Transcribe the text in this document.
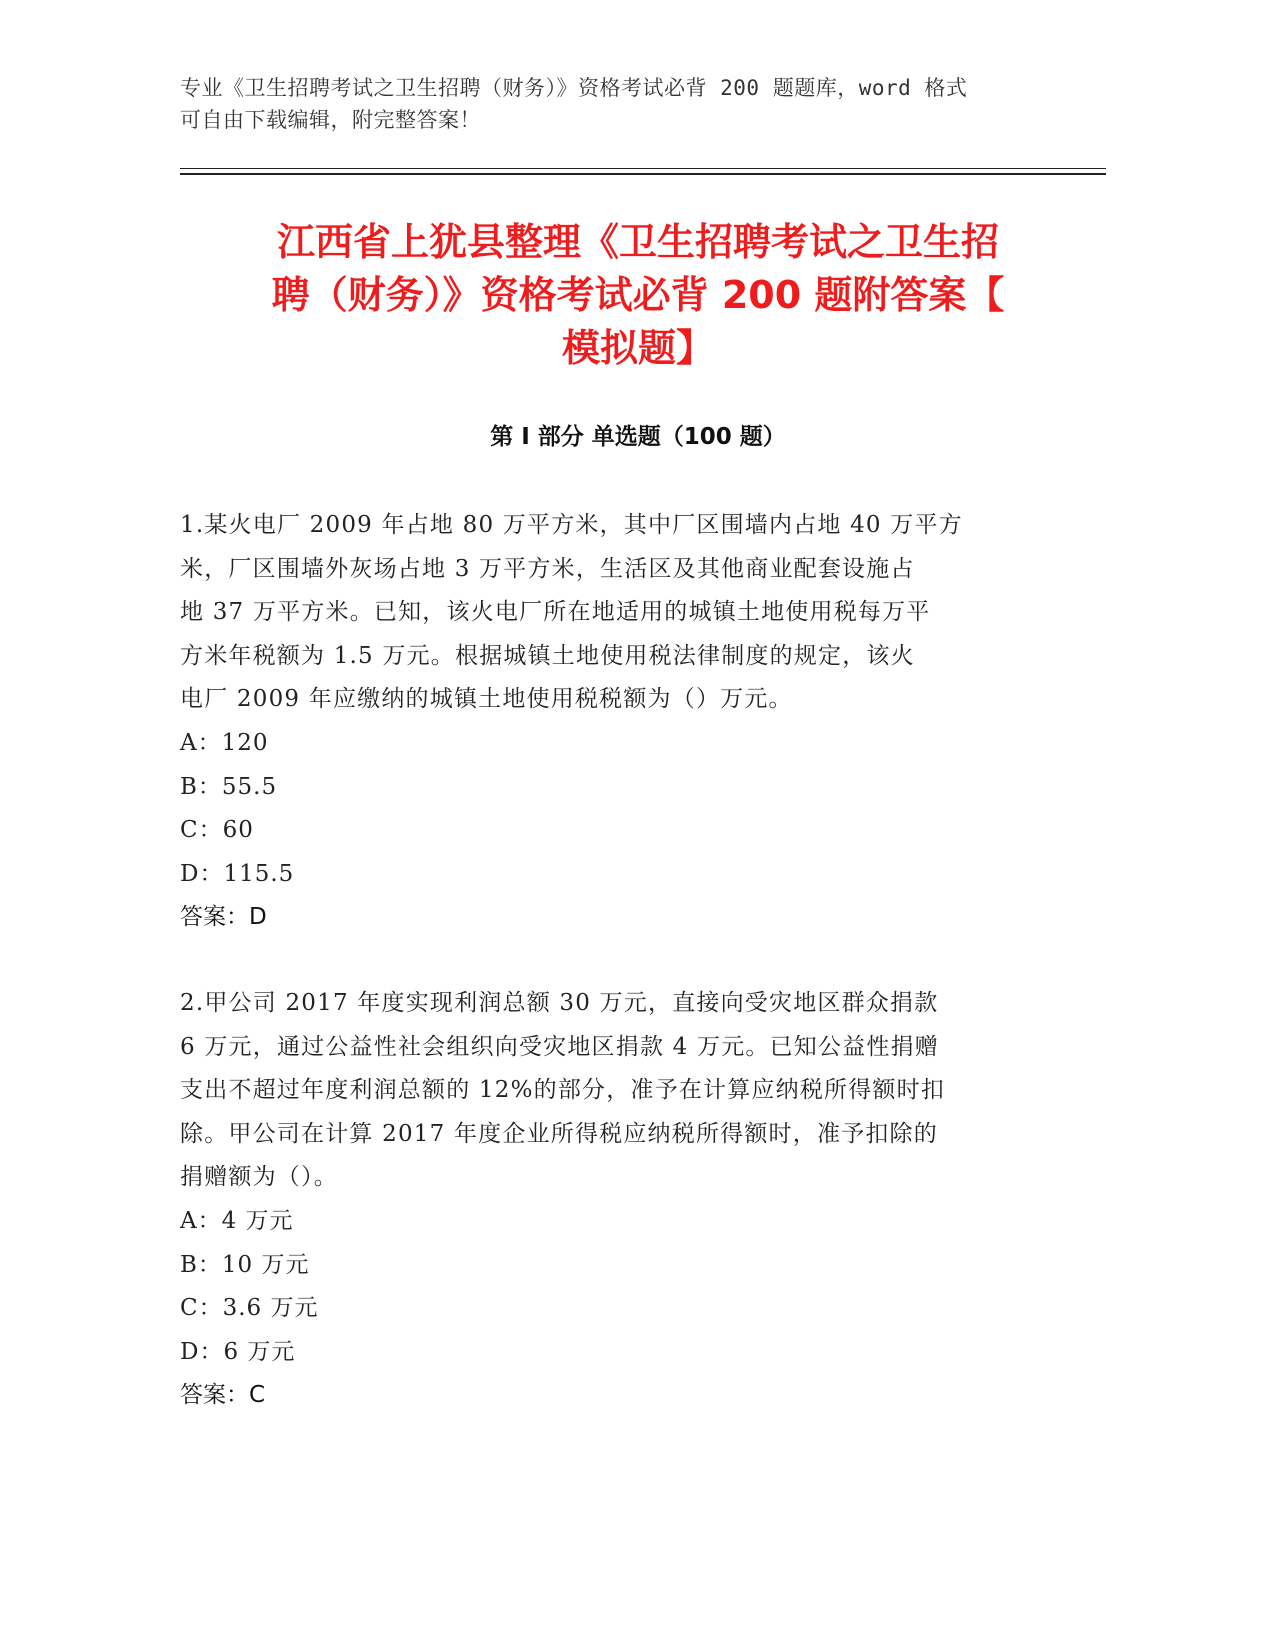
专业《卫生招聘考试之卫生招聘（财务）》资格考试必背 200 题题库，word 格式
可自由下载编辑，附完整答案！
江西省上犹县整理《卫生招聘考试之卫生招
聘（财务）》资格考试必背 200 题附答案【
模拟题】
第 I 部分 单选题（100 题）
1.某火电厂 2009 年占地 80 万平方米，其中厂区围墙内占地 40 万平方
米，厂区围墙外灰场占地 3 万平方米，生活区及其他商业配套设施占
地 37 万平方米。已知，该火电厂所在地适用的城镇土地使用税每万平
方米年税额为 1.5 万元。根据城镇土地使用税法律制度的规定，该火
电厂 2009 年应缴纳的城镇土地使用税税额为（）万元。
A：120
B：55.5
C：60
D：115.5
答案：D
2.甲公司 2017 年度实现利润总额 30 万元，直接向受灾地区群众捐款
6 万元，通过公益性社会组织向受灾地区捐款 4 万元。已知公益性捐赠
支出不超过年度利润总额的 12%的部分，准予在计算应纳税所得额时扣
除。甲公司在计算 2017 年度企业所得税应纳税所得额时，准予扣除的
捐赠额为（）。
A：4 万元
B：10 万元
C：3.6 万元
D：6 万元
答案：C
